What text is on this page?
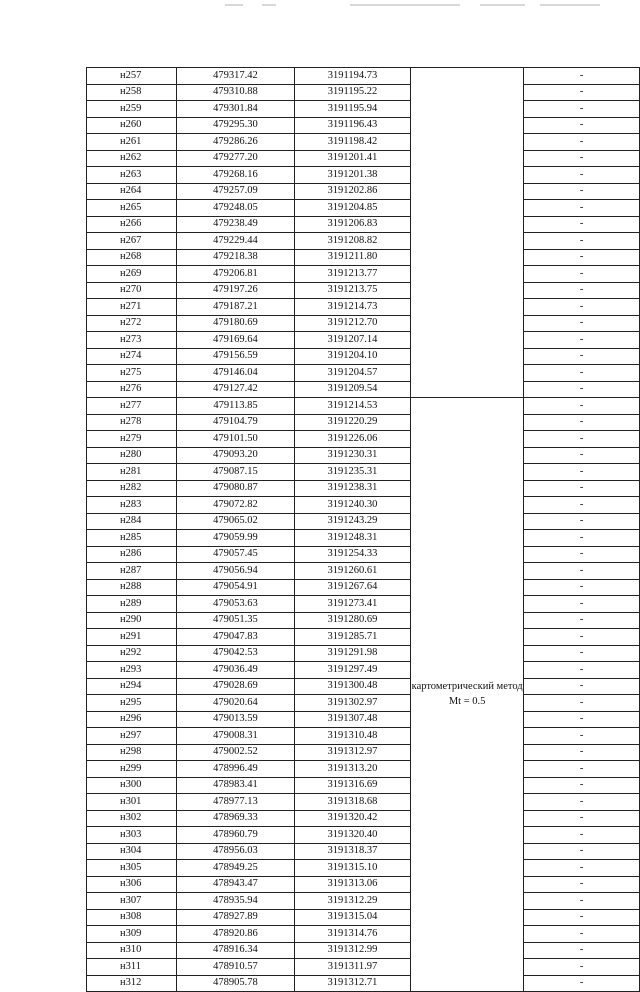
н257	479317.42	3191194.73		-
н258	479310.88	3191195.22		-
н259	479301.84	3191195.94		-
н260	479295.30	3191196.43		-
н261	479286.26	3191198.42		-
н262	479277.20	3191201.41		-
н263	479268.16	3191201.38		-
н264	479257.09	3191202.86		-
н265	479248.05	3191204.85		-
н266	479238.49	3191206.83		-
н267	479229.44	3191208.82		-
н268	479218.38	3191211.80		-
н269	479206.81	3191213.77		-
н270	479197.26	3191213.75		-
н271	479187.21	3191214.73		-
н272	479180.69	3191212.70		-
н273	479169.64	3191207.14		-
н274	479156.59	3191204.10		-
н275	479146.04	3191204.57		-
н276	479127.42	3191209.54		-
н277	479113.85	3191214.53	картометрический метод Mt = 0.5	-
н278	479104.79	3191220.29		-
н279	479101.50	3191226.06		-
н280	479093.20	3191230.31		-
н281	479087.15	3191235.31		-
н282	479080.87	3191238.31		-
н283	479072.82	3191240.30		-
н284	479065.02	3191243.29		-
н285	479059.99	3191248.31		-
н286	479057.45	3191254.33		-
н287	479056.94	3191260.61		-
н288	479054.91	3191267.64		-
н289	479053.63	3191273.41		-
н290	479051.35	3191280.69		-
н291	479047.83	3191285.71		-
н292	479042.53	3191291.98		-
н293	479036.49	3191297.49		-
н294	479028.69	3191300.48		-
н295	479020.64	3191302.97		-
н296	479013.59	3191307.48		-
н297	479008.31	3191310.48		-
н298	479002.52	3191312.97		-
н299	478996.49	3191313.20		-
н300	478983.41	3191316.69		-
н301	478977.13	3191318.68		-
н302	478969.33	3191320.42		-
н303	478960.79	3191320.40		-
н304	478956.03	3191318.37		-
н305	478949.25	3191315.10		-
н306	478943.47	3191313.06		-
н307	478935.94	3191312.29		-
н308	478927.89	3191315.04		-
н309	478920.86	3191314.76		-
н310	478916.34	3191312.99		-
н311	478910.57	3191311.97		-
н312	478905.78	3191312.71		-
